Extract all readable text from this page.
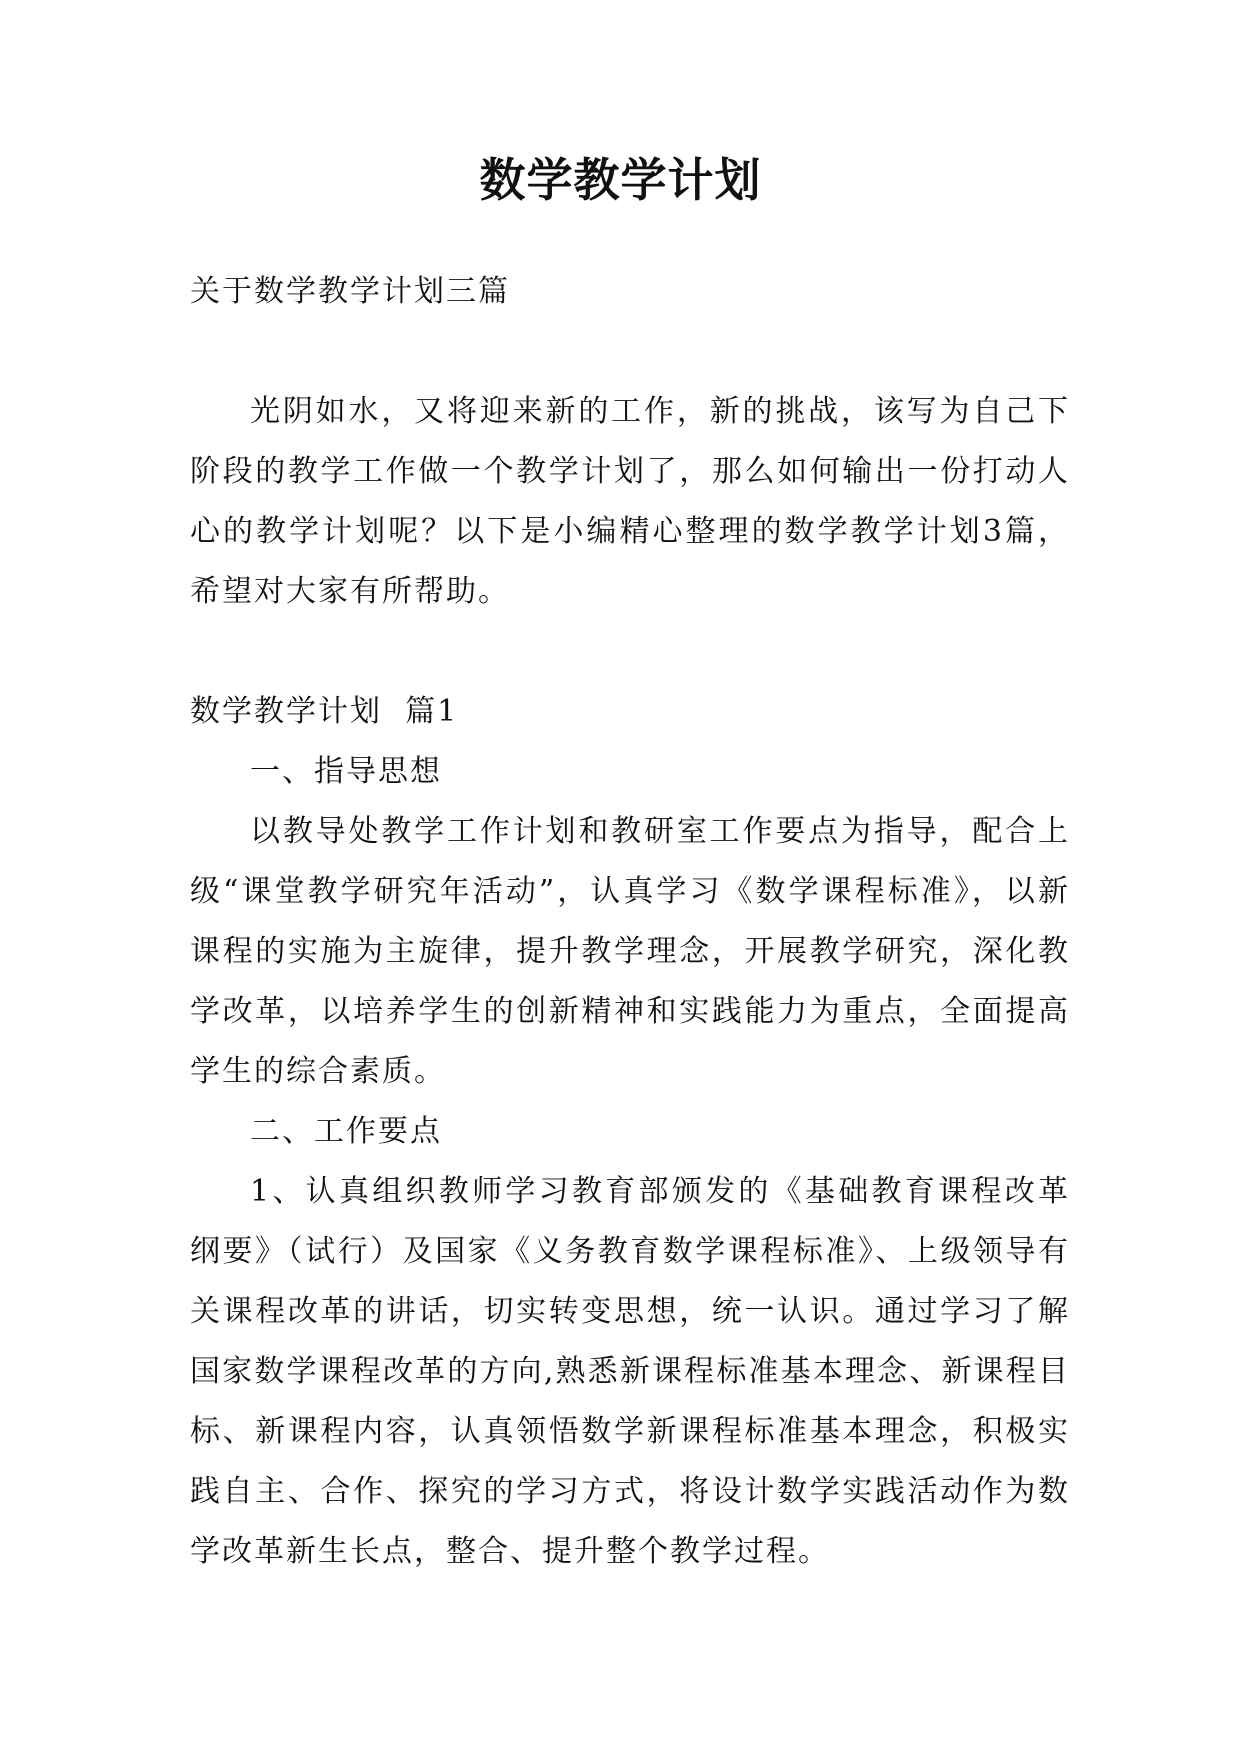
数学教学计划

关于数学教学计划三篇

光阴如水，又将迎来新的工作，新的挑战，该写为自己下阶段的教学工作做一个教学计划了，那么如何输出一份打动人心的教学计划呢？以下是小编精心整理的数学教学计划3篇，希望对大家有所帮助。

数学教学计划  篇1

一、指导思想

以教导处教学工作计划和教研室工作要点为指导，配合上级“课堂教学研究年活动”，认真学习《数学课程标准》，以新课程的实施为主旋律，提升教学理念，开展教学研究，深化教学改革，以培养学生的创新精神和实践能力为重点，全面提高学生的综合素质。

二、工作要点

1、认真组织教师学习教育部颁发的《基础教育课程改革纲要》（试行）及国家《义务教育数学课程标准》、上级领导有关课程改革的讲话，切实转变思想，统一认识。通过学习了解国家数学课程改革的方向,熟悉新课程标准基本理念、新课程目标、新课程内容，认真领悟数学新课程标准基本理念，积极实践自主、合作、探究的学习方式，将设计数学实践活动作为数学改革新生长点，整合、提升整个教学过程。
